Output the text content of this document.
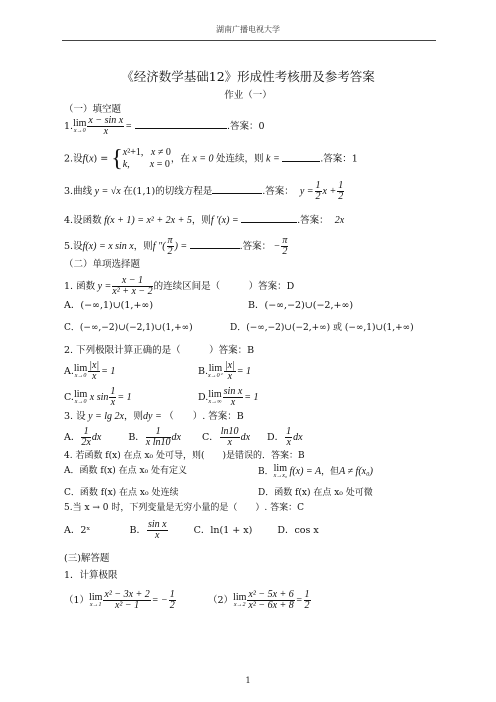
湖南广播电视大学
《经济数学基础12》形成性考核册及参考答案
作业（一）
（一）填空题
1.lim
$x\to 0 \frac{\text{x − sin x}}{x}$ =	.答案：0
2.设f(x) = {x²+1,   x ≠ 0
k,        x = 0，在 x = 0 处连续，则 k =	.答案：1
3.曲线 y = √x 在(1,1)的切线方程是	.答案： $y = \frac{1}{2}$ $x + \frac{1}{2}$
4.设函数 f(x + 1) = x² + 2x + 5，则f ′(x) =	.答案： 2x
5.设f(x) = x sin x，则f ″( $\frac{\pi}{2}$ ) =	.答案： − $\frac{\pi}{2}$
（二）单项选择题
1. 函数 $y = \frac{x - 1}{\text{x² + x − 2}}$ 的连续区间是（　　　）答案：D
A．(−∞,1)∪(1,+∞)	B．(−∞,−2)∪(−2,+∞)
C．(−∞,−2)∪(−2,1)∪(1,+∞)	D．(−∞,−2)∪(−2,+∞) 或 (−∞,1)∪(1,+∞)
2. 下列极限计算正确的是（　　　）答案：B
A.lim
$x\to 0 \frac{|x|}{x} = 1$	B.lim
$x\to 0^+ \frac{|x|}{x} = 1$
C.lim
x→0 x $\sin \frac{1}{x} = 1$	D.lim
$x\to\infty \frac{\text{sin x}}{x} = 1$
3. 设 y = lg 2x，则dy = （　　）. 答案：B
A． $\frac{1}{2x}$ dx	B． $\frac{1}{\text{x ln10}}$ dx C． $\frac{\ln 10}{x}$ dx D． $\frac{1}{x}$ dx
4. 若函数 f(x) 在点 x₀ 处可导，则(　　)是错误的．答案：B
A．函数 f(x) 在点 x₀ 处有定义	B．lim
x→x₀ f(x) = A，但A ≠ f(x₀)
C．函数 f(x) 在点 x₀ 处连续	D．函数 f(x) 在点 x₀ 处可微
5.当 x → 0 时，下列变量是无穷小量的是（　　）. 答案：C
A．2ˣ	B． $\frac{\text{sin x}}{x}$	C．ln(1 + x)	D．cos x
(三)解答题
1．计算极限
（1）lim
$x\to 1 \frac{\text{x² − 3x + 2}}{\text{x² − 1}}$ = − $\frac{1}{2}$	（2）lim
$x\to 2 \frac{\text{x² − 5x + 6}}{\text{x² − 6x + 8}} = \frac{1}{2}$
1
